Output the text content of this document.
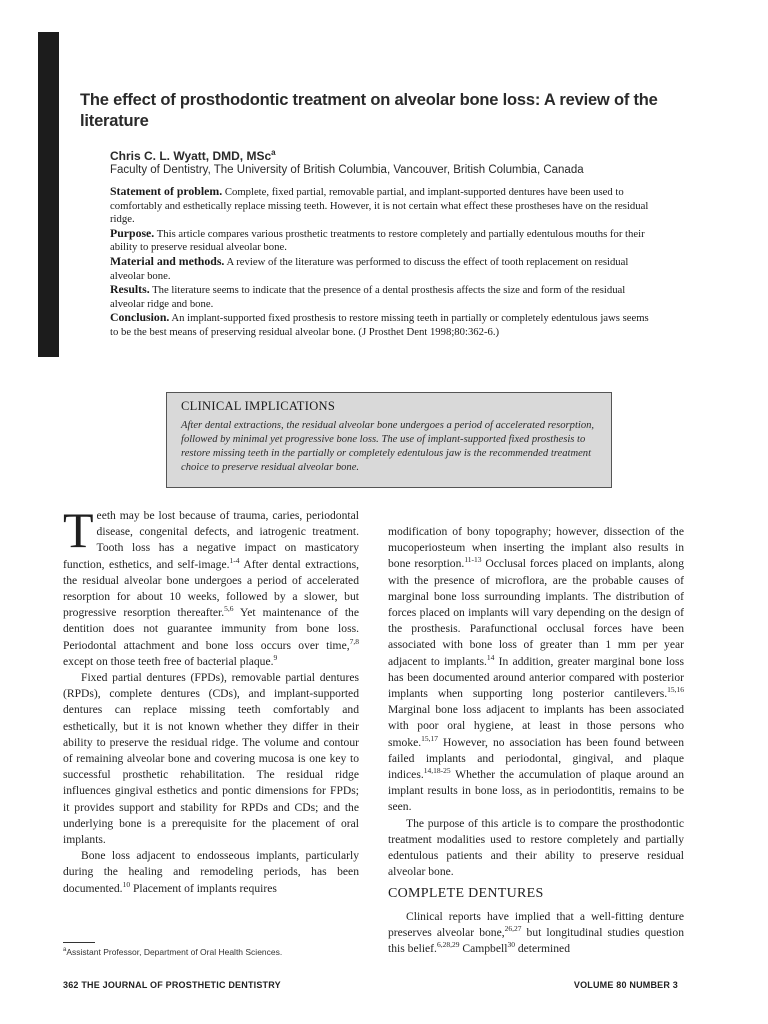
The effect of prosthodontic treatment on alveolar bone loss: A review of the literature

Chris C. L. Wyatt, DMD, MSc$^a$

Faculty of Dentistry, The University of British Columbia, Vancouver, British Columbia, Canada

Statement of problem. Complete, fixed partial, removable partial, and implant-supported dentures have been used to comfortably and esthetically replace missing teeth. However, it is not certain what effect these prostheses have on the residual ridge.

Purpose. This article compares various prosthetic treatments to restore completely and partially edentulous mouths for their ability to preserve residual alveolar bone.

Material and methods. A review of the literature was performed to discuss the effect of tooth replacement on residual alveolar bone.

Results. The literature seems to indicate that the presence of a dental prosthesis affects the size and form of the residual alveolar ridge and bone.

Conclusion. An implant-supported fixed prosthesis to restore missing teeth in partially or completely edentulous jaws seems to be the best means of preserving residual alveolar bone. (J Prosthet Dent 1998;80:362-6.)

CLINICAL IMPLICATIONS

After dental extractions, the residual alveolar bone undergoes a period of accelerated resorption, followed by minimal yet progressive bone loss. The use of implant-supported fixed prosthesis to restore missing teeth in the partially or completely edentulous jaw is the recommended treatment choice to preserve residual alveolar bone.

Teeth may be lost because of trauma, caries, periodontal disease, congenital defects, and iatrogenic treatment. Tooth loss has a negative impact on masticatory function, esthetics, and self-image.$^{1-4}$ After dental extractions, the residual alveolar bone undergoes a period of accelerated resorption for about 10 weeks, followed by a slower, but progressive resorption thereafter.$^{5,6}$ Yet maintenance of the dentition does not guarantee immunity from bone loss. Periodontal attachment and bone loss occurs over time,$^{7,8}$ except on those teeth free of bacterial plaque.$^9$

Fixed partial dentures (FPDs), removable partial dentures (RPDs), complete dentures (CDs), and implant-supported dentures can replace missing teeth comfortably and esthetically, but it is not known whether they differ in their ability to preserve the residual ridge. The volume and contour of remaining alveolar bone and covering mucosa is one key to successful prosthetic rehabilitation. The residual ridge influences gingival esthetics and pontic dimensions for FPDs; it provides support and stability for RPDs and CDs; and the underlying bone is a prerequisite for the placement of oral implants.

Bone loss adjacent to endosseous implants, particularly during the healing and remodeling periods, has been documented.$^{10}$ Placement of implants requires

modification of bony topography; however, dissection of the mucoperiosteum when inserting the implant also results in bone resorption.$^{11-13}$ Occlusal forces placed on implants, along with the presence of microflora, are the probable causes of marginal bone loss surrounding implants. The distribution of forces placed on implants will vary depending on the design of the prosthesis. Parafunctional occlusal forces have been associated with bone loss of greater than 1 mm per year adjacent to implants.$^{14}$ In addition, greater marginal bone loss has been documented around anterior compared with posterior implants when supporting long posterior cantilevers.$^{15,16}$ Marginal bone loss adjacent to implants has been associated with poor oral hygiene, at least in those persons who smoke.$^{15,17}$ However, no association has been found between failed implants and periodontal, gingival, and plaque indices.$^{14,18-25}$ Whether the accumulation of plaque around an implant results in bone loss, as in periodontitis, remains to be seen.

The purpose of this article is to compare the prosthodontic treatment modalities used to restore completely and partially edentulous patients and their ability to preserve residual alveolar bone.

COMPLETE DENTURES

Clinical reports have implied that a well-fitting denture preserves alveolar bone,$^{26,27}$ but longitudinal studies question this belief.$^{6,28,29}$ Campbell$^{30}$ determined

$^a$Assistant Professor, Department of Oral Health Sciences.

362 THE JOURNAL OF PROSTHETIC DENTISTRY	VOLUME 80 NUMBER 3
